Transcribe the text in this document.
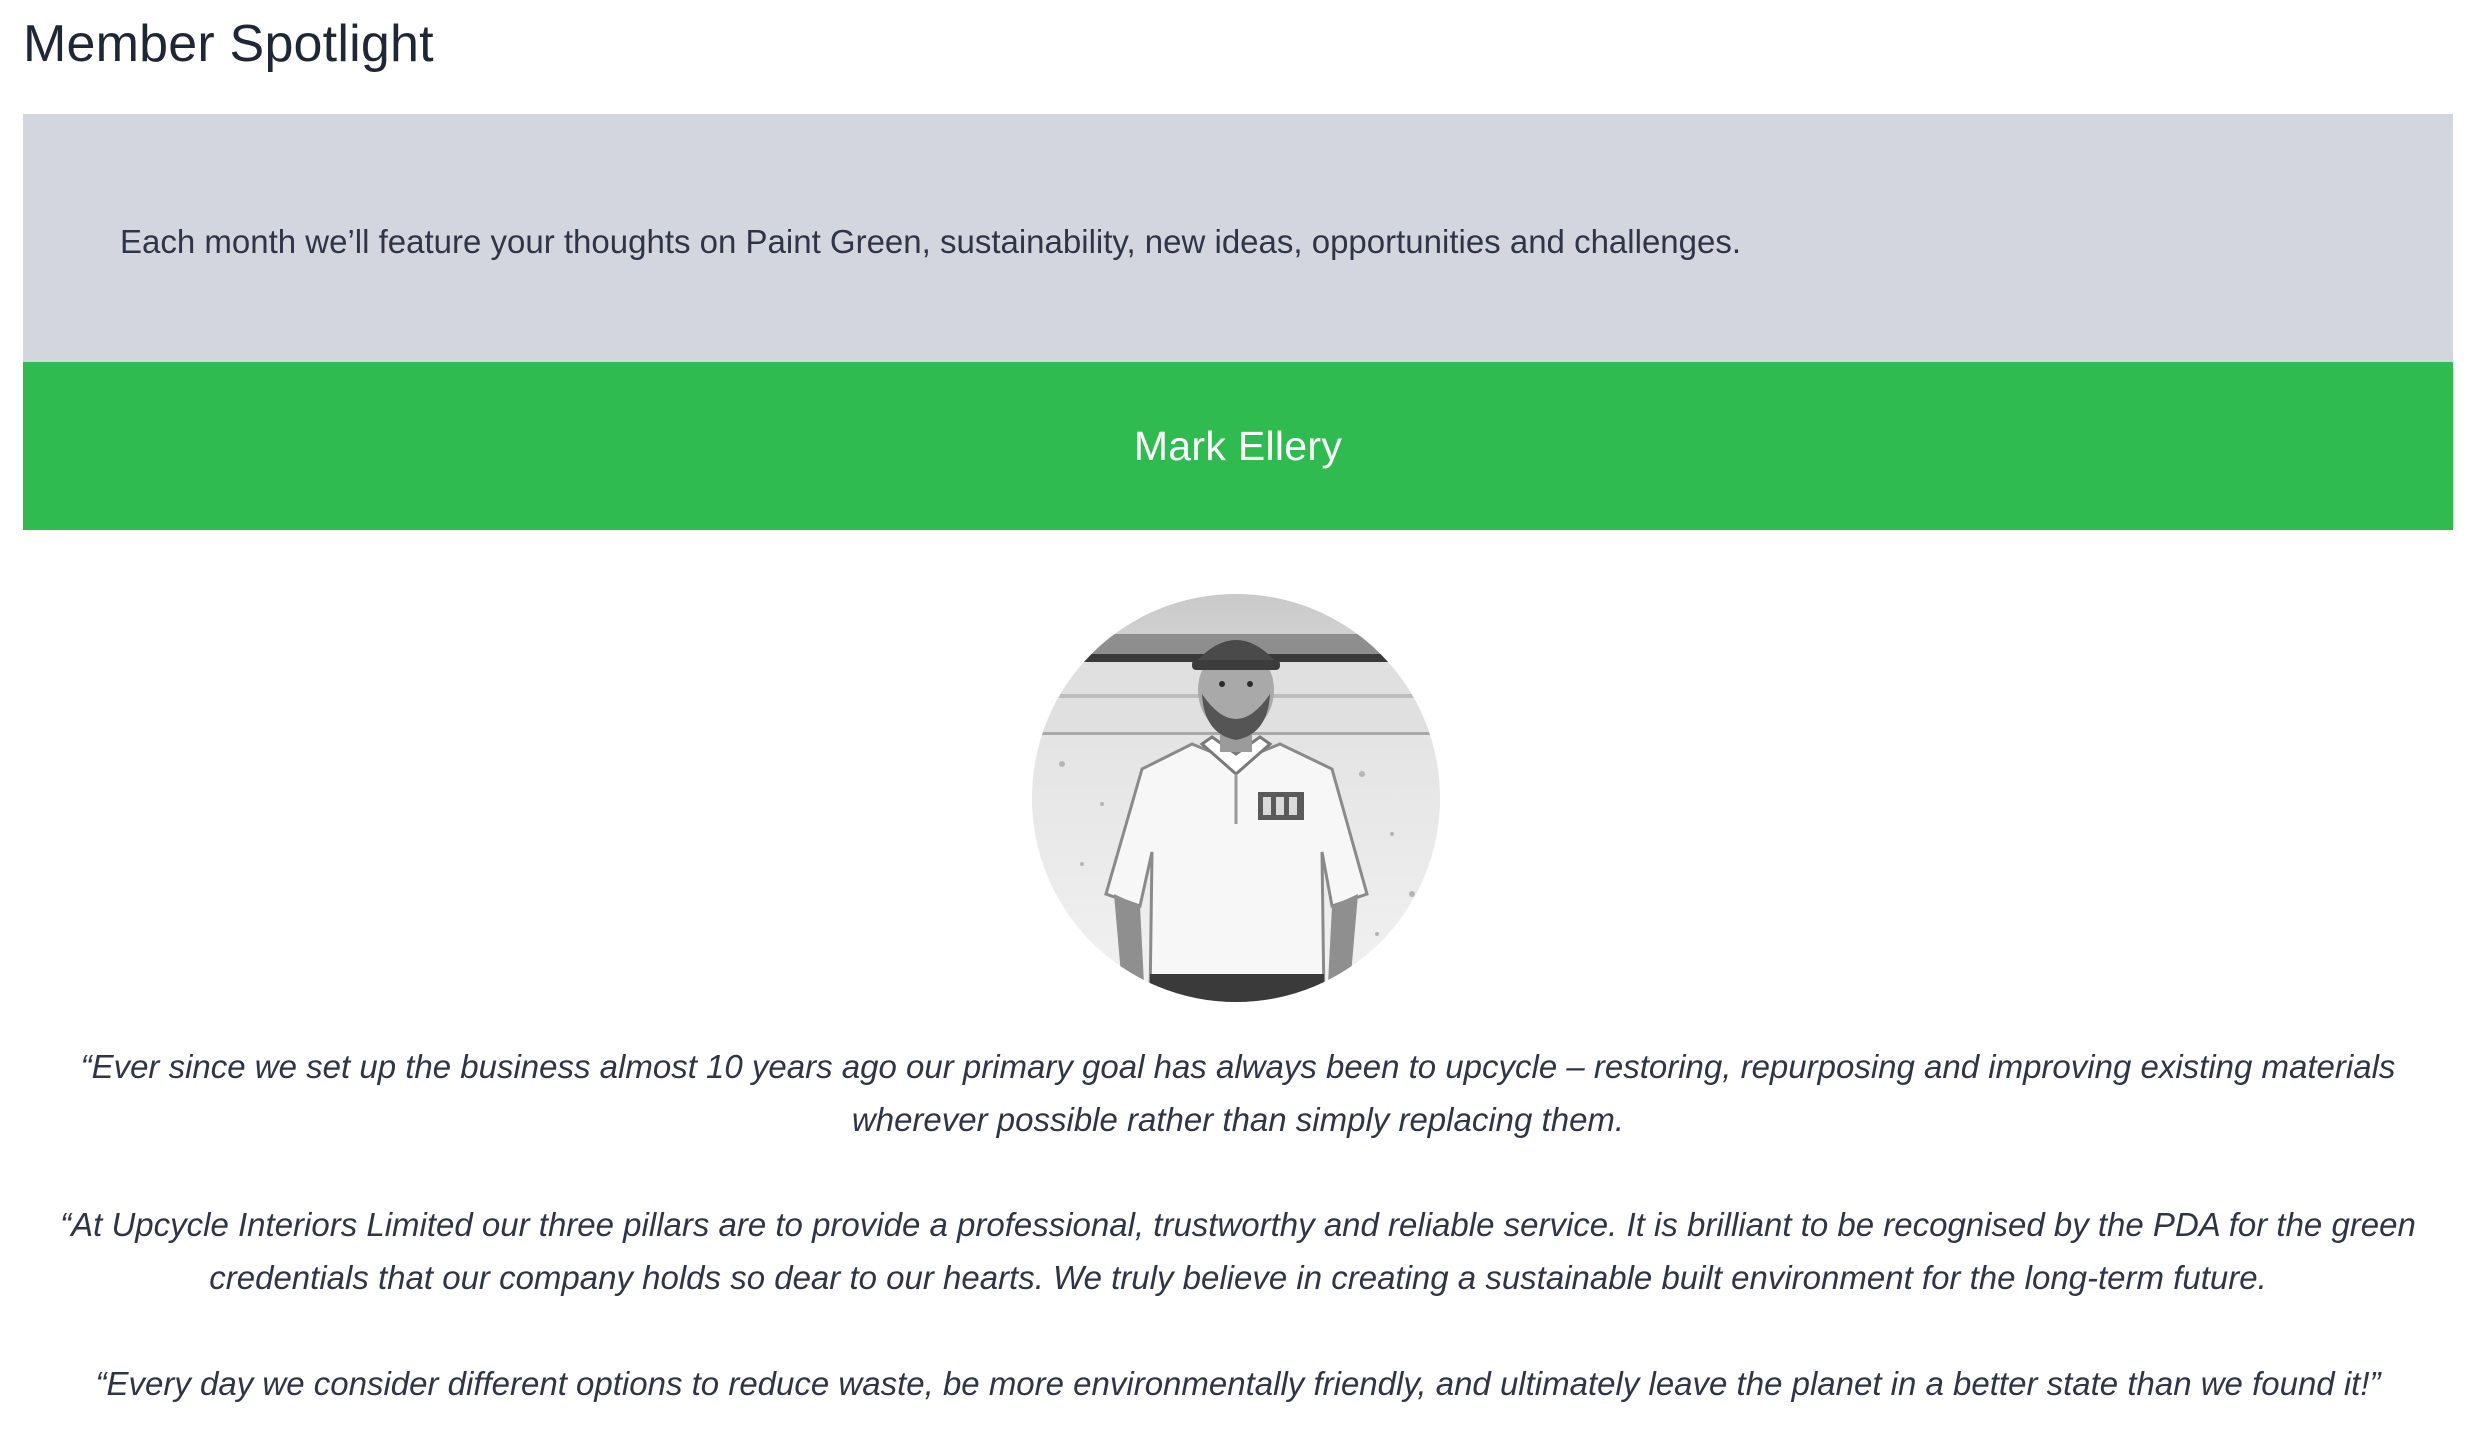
Member Spotlight

Each month we’ll feature your thoughts on Paint Green, sustainability, new ideas, opportunities and challenges.

Mark Ellery

“Ever since we set up the business almost 10 years ago our primary goal has always been to upcycle – restoring, repurposing and improving existing materials wherever possible rather than simply replacing them.

“At Upcycle Interiors Limited our three pillars are to provide a professional, trustworthy and reliable service. It is brilliant to be recognised by the PDA for the green credentials that our company holds so dear to our hearts. We truly believe in creating a sustainable built environment for the long-term future.

“Every day we consider different options to reduce waste, be more environmentally friendly, and ultimately leave the planet in a better state than we found it!”
